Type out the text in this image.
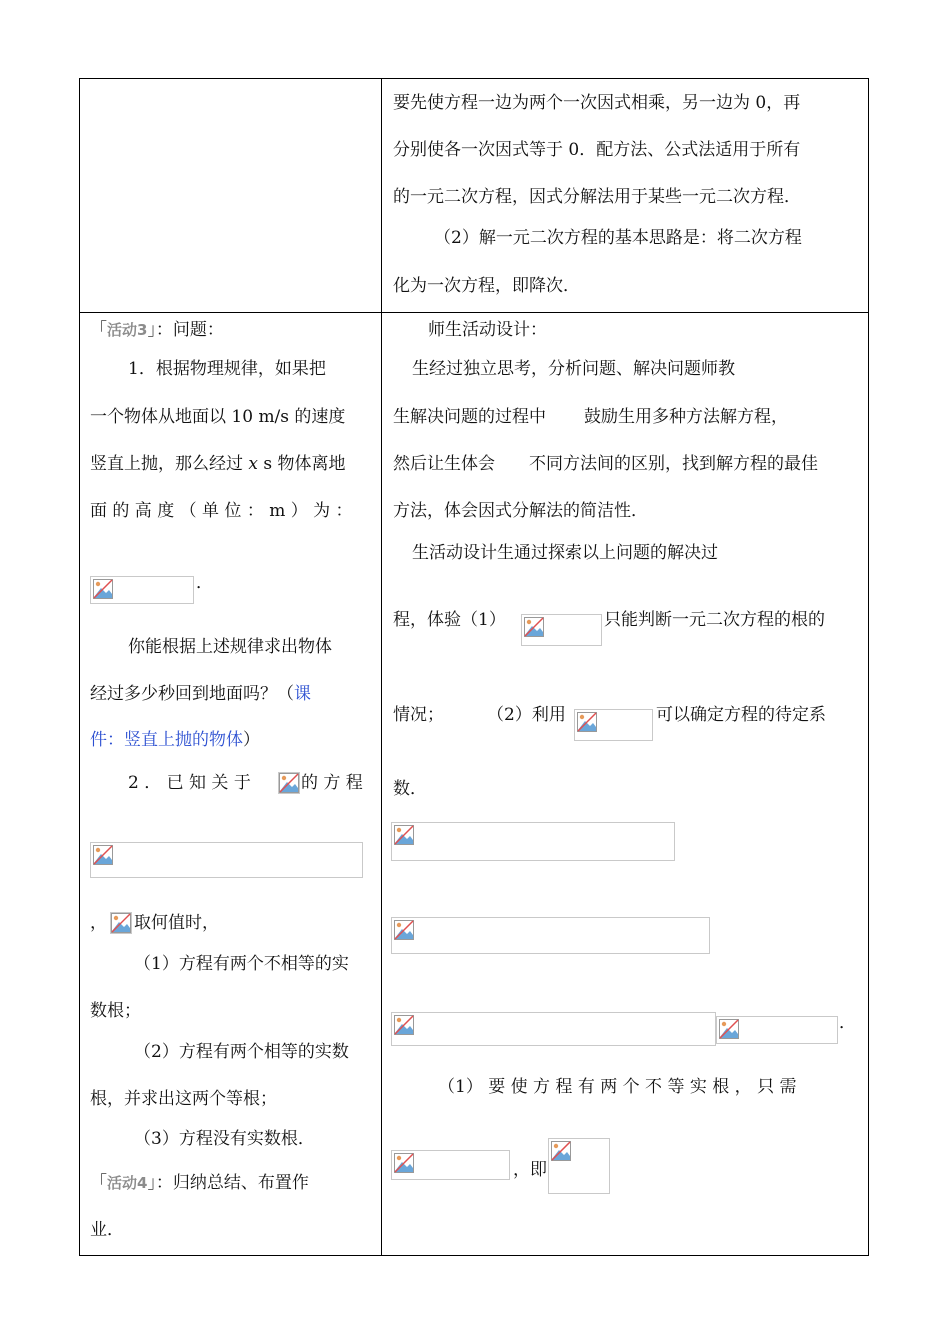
要先使方程一边为两个一次因式相乘，另一边为 0，再
分别使各一次因式等于 0．配方法、公式法适用于所有
的一元二次方程，因式分解法用于某些一元二次方程．
（2）解一元二次方程的基本思路是：将二次方程
化为一次方程，即降次．
「活动3」：问题：
1．根据物理规律，如果把
一个物体从地面以 10 m/s 的速度
竖直上抛，那么经过 x s 物体离地
面 的 高 度 （ 单 位 ： m ） 为 ：
．
你能根据上述规律求出物体
经过多少秒回到地面吗？（课
件：竖直上抛的物体）
2 ． 已 知 关 于	的 方 程
， 取何值时，
（1）方程有两个不相等的实
数根；
（2）方程有两个相等的实数
根，并求出这两个等根；
（3）方程没有实数根．
「活动4」：归纳总结、布置作
业．
师生活动设计：
生经过独立思考，分析问题、解决问题师教
生解决问题的过程中 鼓励生用多种方法解方程，
然后让生体会 不同方法间的区别，找到解方程的最佳
方法，体会因式分解法的简洁性．
生活动设计生通过探索以上问题的解决过
程，体验（1）	只能判断一元二次方程的根的
情况；	（2）利用	可以确定方程的待定系
数．
．
（1） 要 使 方 程 有 两 个 不 等 实 根 ， 只 需
，即
